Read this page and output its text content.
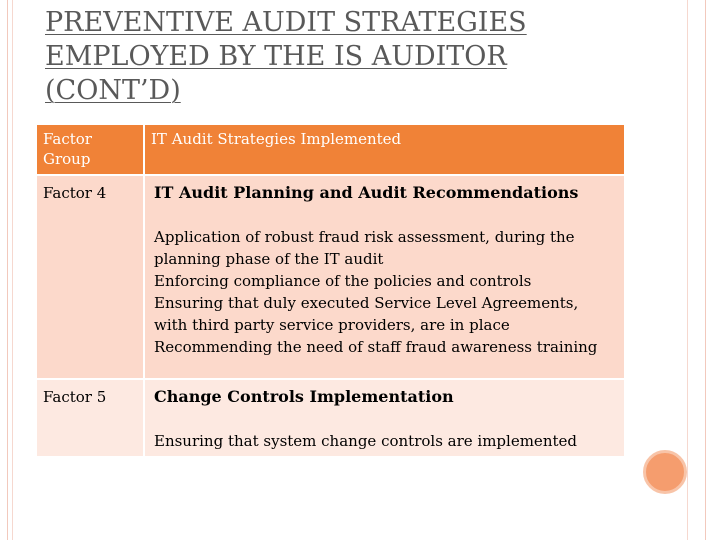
PREVENTIVE AUDIT STRATEGIES
EMPLOYED BY THE IS AUDITOR
(CONT’D)
Factor
Group	IT Audit Strategies Implemented
Factor 4	IT Audit Planning and Audit Recommendations
Application of robust fraud risk assessment, during the planning phase of the IT audit
Enforcing compliance of the policies and controls
Ensuring that duly executed Service Level Agreements, with third party service providers, are in place
Recommending the need of staff fraud awareness training

Factor 5	Change Controls Implementation
Ensuring that system change controls are implemented
